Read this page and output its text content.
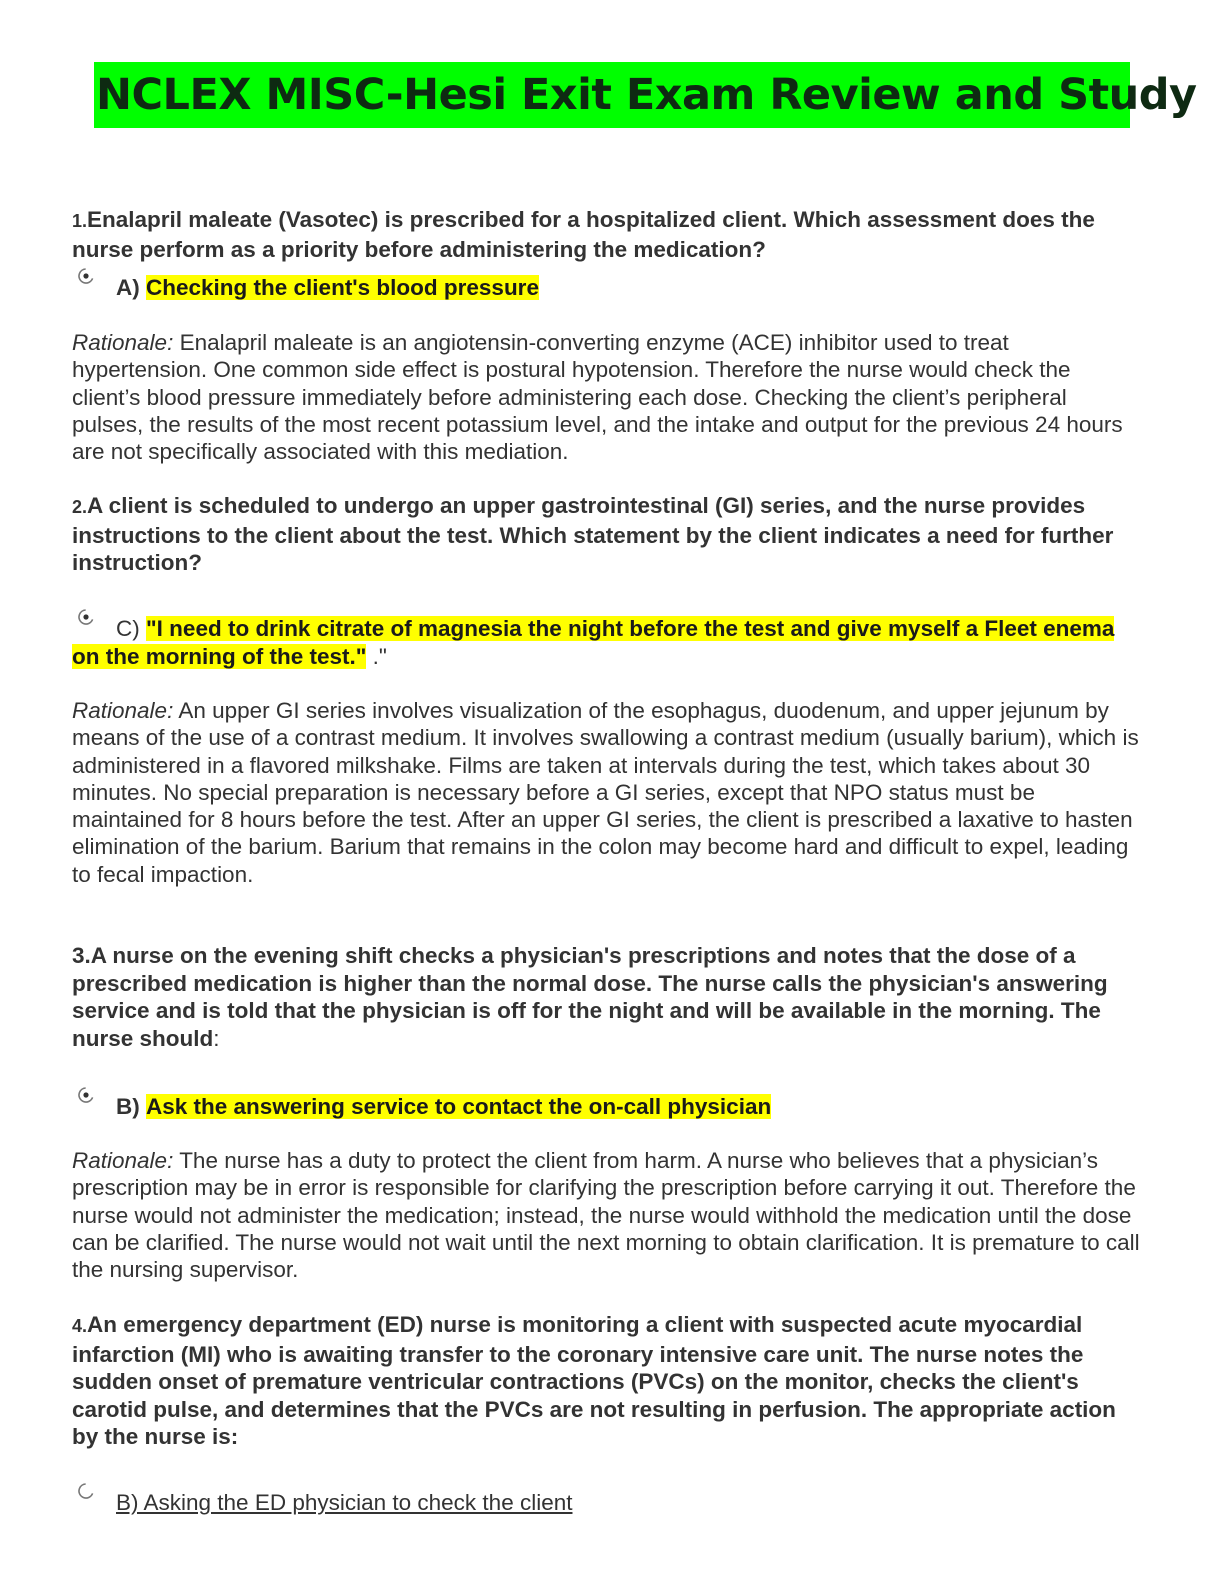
NCLEX MISC-Hesi Exit Exam Review and Study
1.Enalapril maleate (Vasotec) is prescribed for a hospitalized client. Which assessment does the nurse perform as a priority before administering the medication?
A) Checking the client's blood pressure
Rationale: Enalapril maleate is an angiotensin-converting enzyme (ACE) inhibitor used to treat hypertension. One common side effect is postural hypotension. Therefore the nurse would check the client’s blood pressure immediately before administering each dose. Checking the client’s peripheral pulses, the results of the most recent potassium level, and the intake and output for the previous 24 hours are not specifically associated with this mediation.
2.A client is scheduled to undergo an upper gastrointestinal (GI) series, and the nurse provides instructions to the client about the test. Which statement by the client indicates a need for further instruction?
C) "I need to drink citrate of magnesia the night before the test and give myself a Fleet enema on the morning of the test." ."
Rationale: An upper GI series involves visualization of the esophagus, duodenum, and upper jejunum by means of the use of a contrast medium. It involves swallowing a contrast medium (usually barium), which is administered in a flavored milkshake. Films are taken at intervals during the test, which takes about 30 minutes. No special preparation is necessary before a GI series, except that NPO status must be maintained for 8 hours before the test. After an upper GI series, the client is prescribed a laxative to hasten elimination of the barium. Barium that remains in the colon may become hard and difficult to expel, leading to fecal impaction.
3.A nurse on the evening shift checks a physician's prescriptions and notes that the dose of a prescribed medication is higher than the normal dose. The nurse calls the physician's answering service and is told that the physician is off for the night and will be available in the morning. The nurse should:
B) Ask the answering service to contact the on-call physician
Rationale: The nurse has a duty to protect the client from harm. A nurse who believes that a physician’s prescription may be in error is responsible for clarifying the prescription before carrying it out. Therefore the nurse would not administer the medication; instead, the nurse would withhold the medication until the dose can be clarified. The nurse would not wait until the next morning to obtain clarification. It is premature to call the nursing supervisor.
4.An emergency department (ED) nurse is monitoring a client with suspected acute myocardial infarction (MI) who is awaiting transfer to the coronary intensive care unit. The nurse notes the sudden onset of premature ventricular contractions (PVCs) on the monitor, checks the client's carotid pulse, and determines that the PVCs are not resulting in perfusion. The appropriate action by the nurse is:
B) Asking the ED physician to check the client
